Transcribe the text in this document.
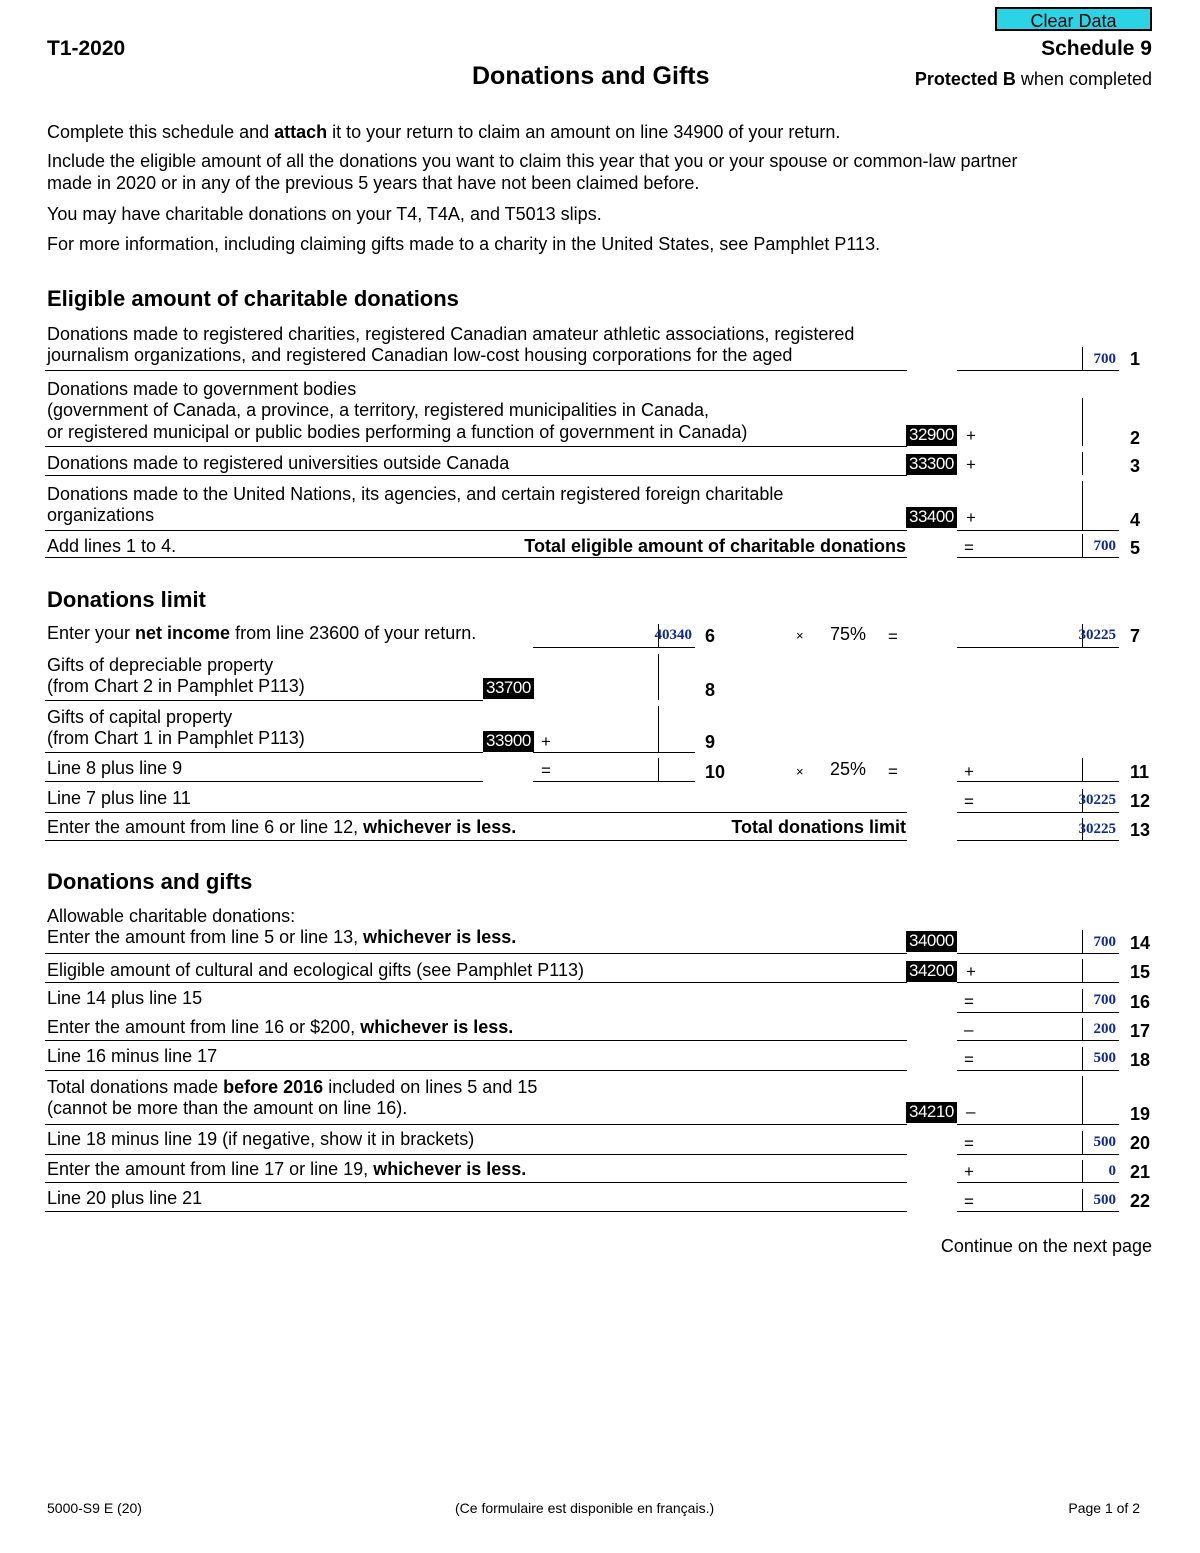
Clear Data
T1-2020
Donations and Gifts
Schedule 9
Protected B when completed
Complete this schedule and attach it to your return to claim an amount on line 34900 of your return.
Include the eligible amount of all the donations you want to claim this year that you or your spouse or common-law partner
made in 2020 or in any of the previous 5 years that have not been claimed before.
You may have charitable donations on your T4, T4A, and T5013 slips.
For more information, including claiming gifts made to a charity in the United States, see Pamphlet P113.
Eligible amount of charitable donations
Donations made to registered charities, registered Canadian amateur athletic associations, registered
journalism organizations, and registered Canadian low-cost housing corporations for the aged	700 1
Donations made to government bodies
(government of Canada, a province, a territory, registered municipalities in Canada,
or registered municipal or public bodies performing a function of government in Canada)	32900 +	2
Donations made to registered universities outside Canada	33300 +	3
Donations made to the United Nations, its agencies, and certain registered foreign charitable
organizations	33400 +	4
Add lines 1 to 4.	Total eligible amount of charitable donations	=	700 5
Donations limit
Enter your net income from line 23600 of your return.	40340 6	× 75% =	30225 7
Gifts of depreciable property
(from Chart 2 in Pamphlet P113)	33700	8
Gifts of capital property
(from Chart 1 in Pamphlet P113)	33900 +	9
Line 8 plus line 9	=	10	× 25% =	+	11
Line 7 plus line 11	=	30225 12
Enter the amount from line 6 or line 12, whichever is less.	Total donations limit	30225 13
Donations and gifts
Allowable charitable donations:
Enter the amount from line 5 or line 13, whichever is less.	34000	700 14
Eligible amount of cultural and ecological gifts (see Pamphlet P113)	34200 +	15
Line 14 plus line 15	=	700 16
Enter the amount from line 16 or $200, whichever is less.	–	200 17
Line 16 minus line 17	=	500 18
Total donations made before 2016 included on lines 5 and 15
(cannot be more than the amount on line 16).	34210 –	19
Line 18 minus line 19 (if negative, show it in brackets)	=	500 20
Enter the amount from line 17 or line 19, whichever is less.	+	0 21
Line 20 plus line 21	=	500 22
Continue on the next page
5000-S9 E (20)	(Ce formulaire est disponible en français.)	Page 1 of 2
